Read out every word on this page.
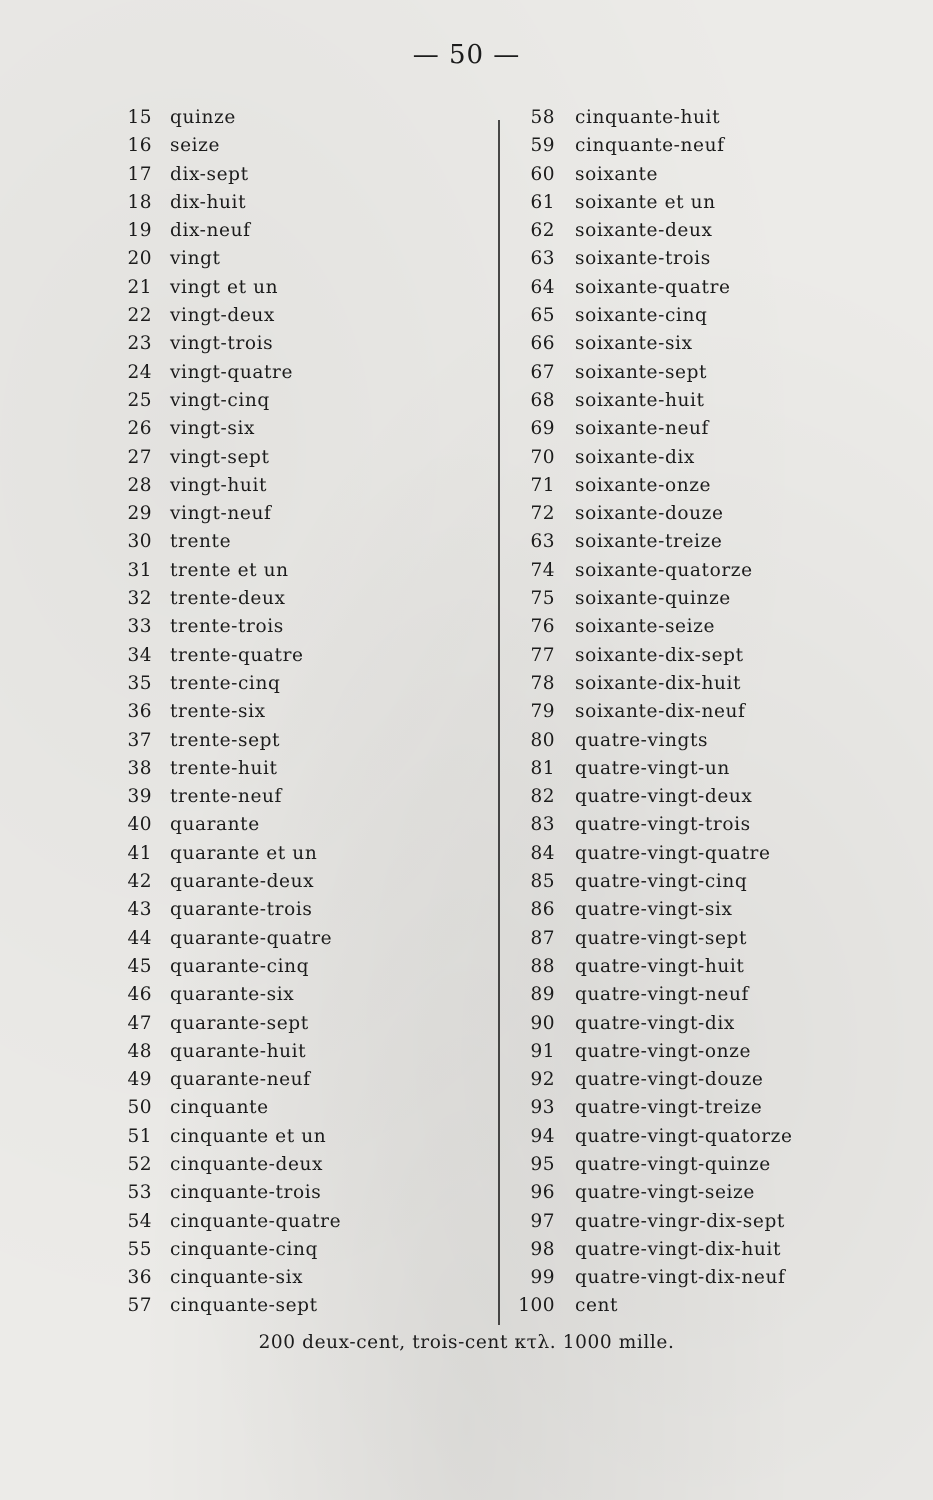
— 50 —
15 quinze
16 seize
17 dix-sept
18 dix-huit
19 dix-neuf
20 vingt
21 vingt et un
22 vingt-deux
23 vingt-trois
24 vingt-quatre
25 vingt-cinq
26 vingt-six
27 vingt-sept
28 vingt-huit
29 vingt-neuf
30 trente
31 trente et un
32 trente-deux
33 trente-trois
34 trente-quatre
35 trente-cinq
36 trente-six
37 trente-sept
38 trente-huit
39 trente-neuf
40 quarante
41 quarante et un
42 quarante-deux
43 quarante-trois
44 quarante-quatre
45 quarante-cinq
46 quarante-six
47 quarante-sept
48 quarante-huit
49 quarante-neuf
50 cinquante
51 cinquante et un
52 cinquante-deux
53 cinquante-trois
54 cinquante-quatre
55 cinquante-cinq
36 cinquante-six
57 cinquante-sept
58	cinquante-huit
59	cinquante-neuf
60	soixante
61	soixante et un
62	soixante-deux
63	soixante-trois
64	soixante-quatre
65	soixante-cinq
66	soixante-six
67	soixante-sept
68	soixante-huit
69	soixante-neuf
70	soixante-dix
71	soixante-onze
72	soixante-douze
63	soixante-treize
74	soixante-quatorze
75	soixante-quinze
76	soixante-seize
77	soixante-dix-sept
78	soixante-dix-huit
79	soixante-dix-neuf
80	quatre-vingts
81	quatre-vingt-un
82	quatre-vingt-deux
83	quatre-vingt-trois
84	quatre-vingt-quatre
85	quatre-vingt-cinq
86	quatre-vingt-six
87	quatre-vingt-sept
88	quatre-vingt-huit
89	quatre-vingt-neuf
90	quatre-vingt-dix
91	quatre-vingt-onze
92	quatre-vingt-douze
93	quatre-vingt-treize
94	quatre-vingt-quatorze
95	quatre-vingt-quinze
96	quatre-vingt-seize
97	quatre-vingr-dix-sept
98	quatre-vingt-dix-huit
99	quatre-vingt-dix-neuf
100	cent
200 deux-cent, trois-cent κτλ. 1000 mille.
